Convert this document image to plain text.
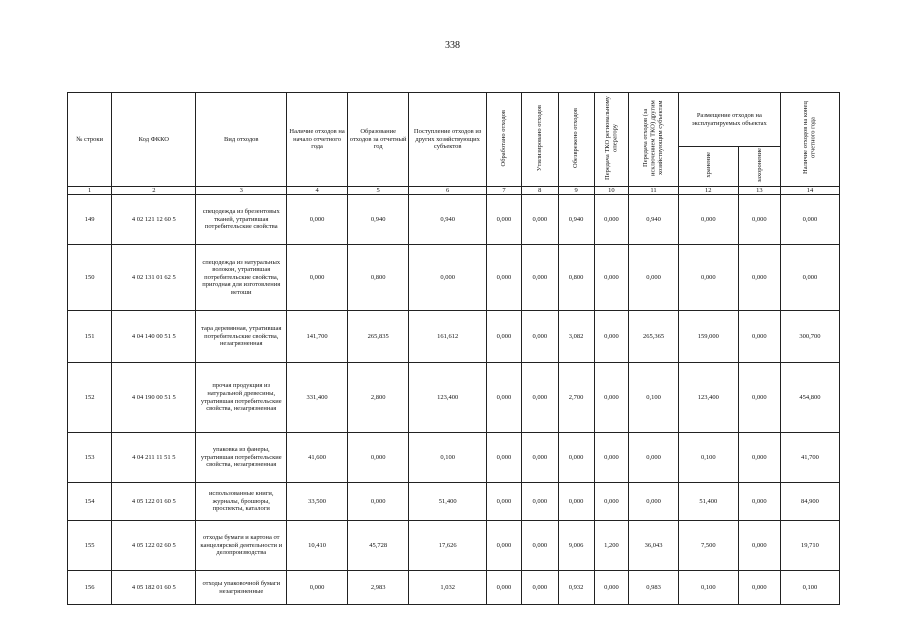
338
№ строки	Код ФККО	Вид отходов	Наличие отходов на начало отчетного года	Образование отходов за отчетный год	Поступление отходов из других хозяйствующих субъектов	Обработано отходов	Утилизировано отходов	Обезврежено отходов	Передача ТКО региональному оператору	Передача отходов (за исключением ТКО) другим хозяйствующим субъектам	Размещение отходов на эксплуатируемых объектах		Наличие отходов на конец отчетного года
											хранение	захоронение	
1	2	3	4	5	6	7	8	9	10	11	12	13	14
149	4 02 121 12 60 5	спецодежда из брезентовых тканей, утратившая потребительские свойства	0,000	0,940	0,940	0,000	0,000	0,940	0,000	0,940	0,000	0,000	0,000
150	4 02 131 01 62 5	спецодежда из натуральных волокон, утратившая потребительские свойства, пригодная для изготовления ветоши	0,000	0,800	0,000	0,000	0,000	0,800	0,000	0,000	0,000	0,000	0,000
151	4 04 140 00 51 5	тара деревянная, утратившая потребительские свойства, незагрязненная	141,700	265,835	161,612	0,000	0,000	3,082	0,000	265,365	159,000	0,000	300,700
152	4 04 190 00 51 5	прочая продукция из натуральной древесины, утратившая потребительские свойства, незагрязненная	331,400	2,800	123,400	0,000	0,000	2,700	0,000	0,100	123,400	0,000	454,800
153	4 04 211 11 51 5	упаковка из фанеры, утратившая потребительские свойства, незагрязненная	41,600	0,000	0,100	0,000	0,000	0,000	0,000	0,000	0,100	0,000	41,700
154	4 05 122 01 60 5	использованные книги, журналы, брошюры, проспекты, каталоги	33,500	0,000	51,400	0,000	0,000	0,000	0,000	0,000	51,400	0,000	84,900
155	4 05 122 02 60 5	отходы бумаги и картона от канцелярской деятельности и делопроизводства	10,410	45,728	17,626	0,000	0,000	9,006	1,200	36,043	7,500	0,000	19,710
156	4 05 182 01 60 5	отходы упаковочной бумаги незагрязненные	0,000	2,983	1,032	0,000	0,000	0,932	0,000	0,983	0,100	0,000	0,100
